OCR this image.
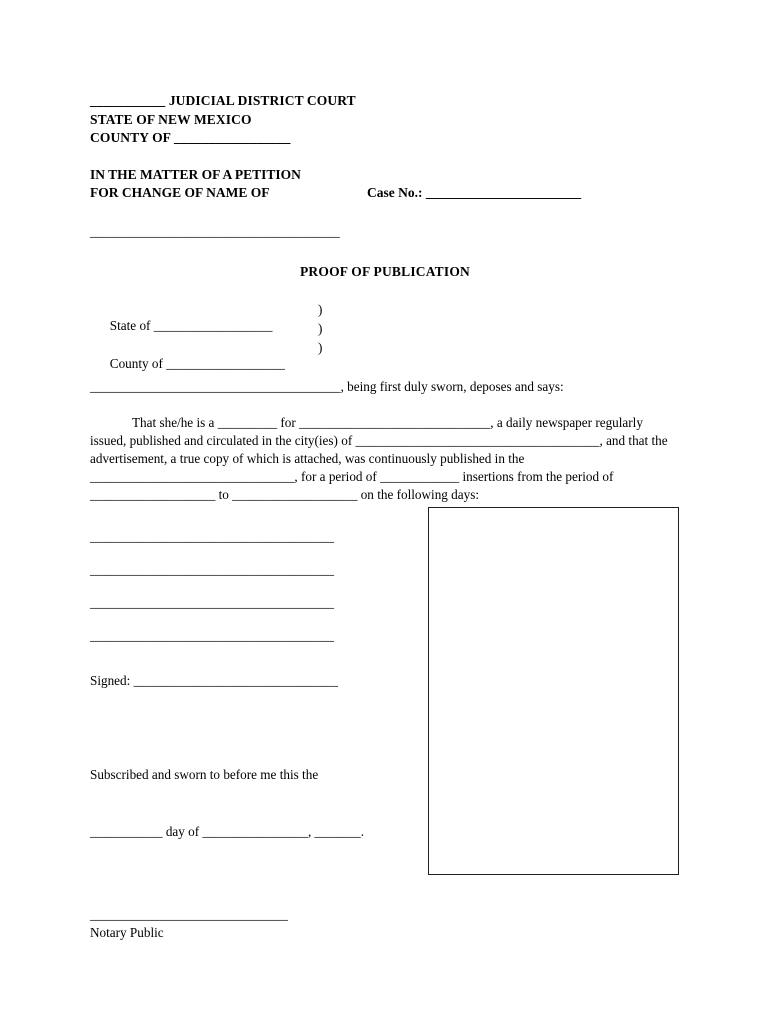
___________ JUDICIAL DISTRICT COURT
STATE OF NEW MEXICO
COUNTY OF _________________
IN THE MATTER OF A PETITION
FOR CHANGE OF NAME OF	Case No.: _______________________
_____________________________________
PROOF OF PUBLICATION

State of __________________

)

)

County of __________________

)

______________________________________, being first duly sworn, deposes and says:
That she/he is a _________ for _____________________________, a daily newspaper regularly issued, published and circulated in the city(ies) of _____________________________________, and that the advertisement, a true copy of which is attached, was continuously published in the _______________________________, for a period of ____________ insertions from the period of ___________________ to ___________________ on the following days:
_____________________________________
_____________________________________
_____________________________________
_____________________________________
Signed: _______________________________

Subscribed and sworn to before me this the

___________ day of ________________, _______.

______________________________
Notary Public
